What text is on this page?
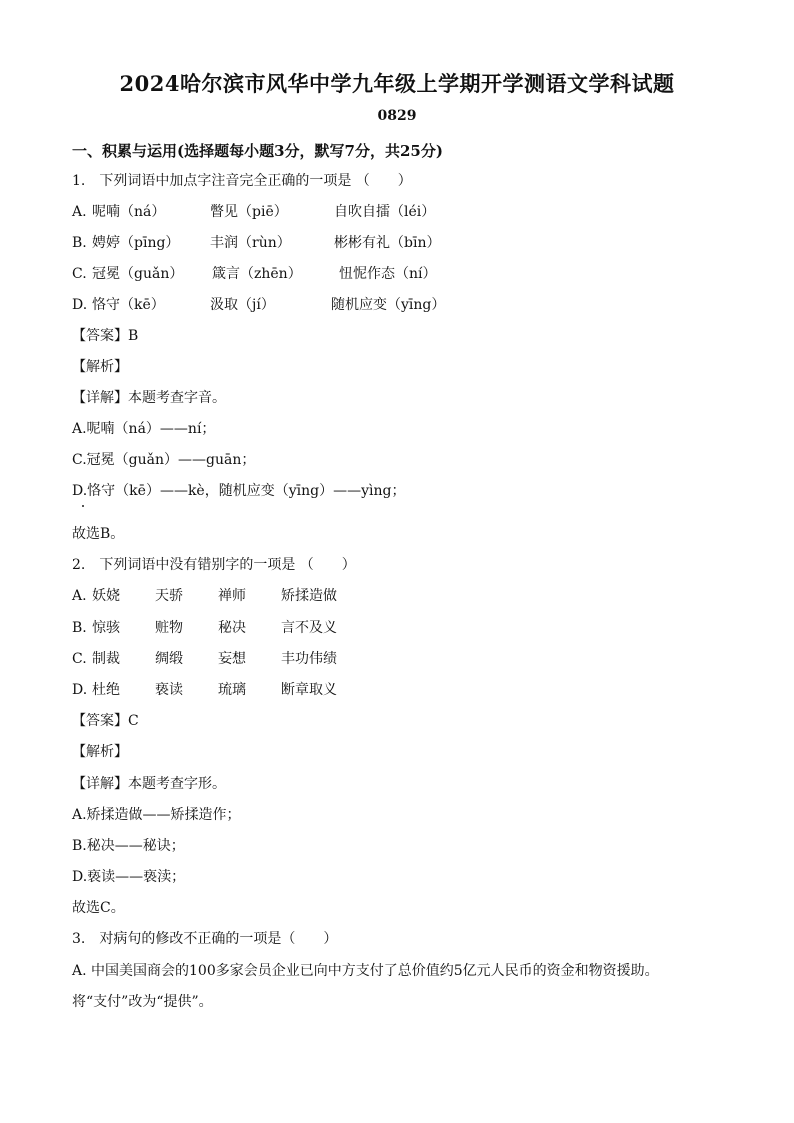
2024哈尔滨市风华中学九年级上学期开学测语文学科试题
0829
一、积累与运用(选择题每小题3分，默写7分，共25分)
1.　下列词语中加点字注音完全正确的一项是 （　　）
A. 呢喃（ná）	瞥见（piē）	自吹自擂（léi）
B. 娉婷（pīng） 丰润（rùn）	彬彬有礼（bīn）
C. 冠冕（guǎn） 箴言（zhēn）	忸怩作态（ní）
D. 恪守（kē）	汲取（jí）	随机应变（yīng）
【答案】B
【解析】
【详解】本题考查字音。
A.呢喃（ná）——ní；
C.冠冕（guǎn）——guān；
D.恪守（kē）——kè，随机应变（yīng）——yìng；
故选B。
2.　下列词语中没有错别字的一项是 （　　）
A. 妖娆	天骄	禅师	矫揉造做
B. 惊骇	赃物	秘决	言不及义
C. 制裁	绸缎	妄想	丰功伟绩
D. 杜绝	亵读	琉璃	断章取义
【答案】C
【解析】
【详解】本题考查字形。
A.矫揉造做——矫揉造作；
B.秘决——秘诀；
D.亵读——亵渎；
故选C。
3.　对病句的修改不正确的一项是（　　）
A. 中国美国商会的100多家会员企业已向中方支付了总价值约5亿元人民币的资金和物资援助。
将“支付”改为“提供”。
